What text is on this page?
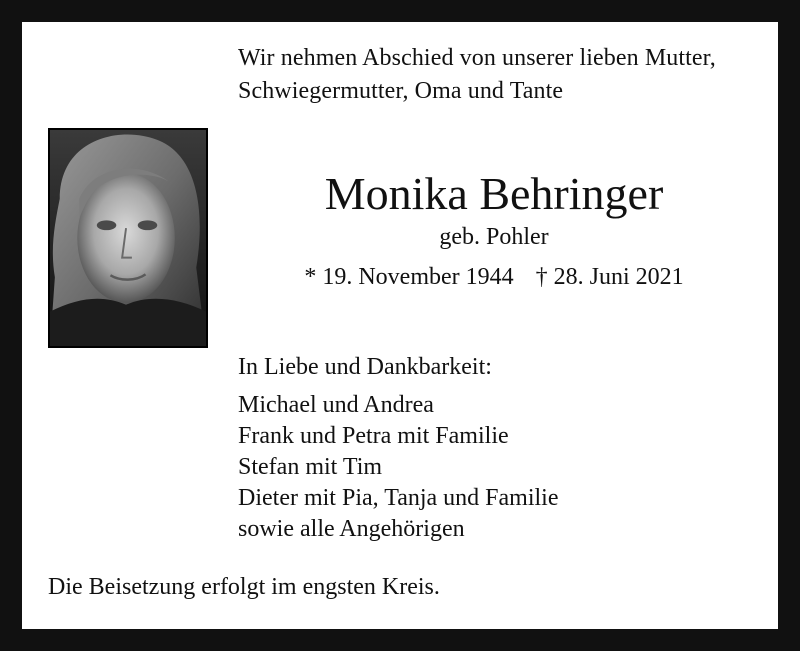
Wir nehmen Abschied von unserer lieben Mutter,
Schwiegermutter, Oma und Tante
Monika Behringer
geb. Pohler
* 19. November 1944 † 28. Juni 2021
In Liebe und Dankbarkeit:
Michael und Andrea
Frank und Petra mit Familie
Stefan mit Tim
Dieter mit Pia, Tanja und Familie
sowie alle Angehörigen
Die Beisetzung erfolgt im engsten Kreis.
